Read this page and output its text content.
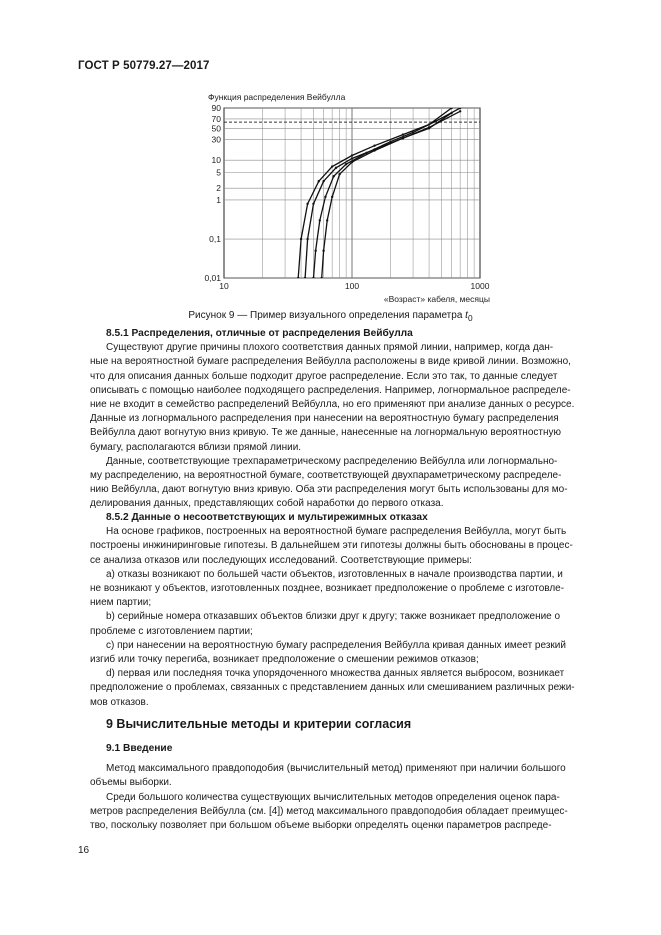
ГОСТ Р 50779.27—2017
Функция распределения Вейбулла
0,01
0,1
1
2
5
10
30
50
70
90
10	100	1000
«Возраст» кабеля, месяцы
Рисунок 9 — Пример визуального определения параметра $t_0$
8.5.1 Распределения, отличные от распределения Вейбулла
Существуют другие причины плохого соответствия данных прямой линии, например, когда дан-
ные на вероятностной бумаге распределения Вейбулла расположены в виде кривой линии. Возможно,
что для описания данных больше подходит другое распределение. Если это так, то данные следует
описывать с помощью наиболее подходящего распределения. Например, логнормальное распределе-
ние не входит в семейство распределений Вейбулла, но его применяют при анализе данных о ресурсе.
Данные из логнормального распределения при нанесении на вероятностную бумагу распределения
Вейбулла дают вогнутую вниз кривую. Те же данные, нанесенные на логнормальную вероятностную
бумагу, располагаются вблизи прямой линии.
Данные, соответствующие трехпараметрическому распределению Вейбулла или логнормально-
му распределению, на вероятностной бумаге, соответствующей двухпараметрическому распределе-
нию Вейбулла, дают вогнутую вниз кривую. Оба эти распределения могут быть использованы для мо-
делирования данных, представляющих собой наработки до первого отказа.
8.5.2 Данные о несоответствующих и мультирежимных отказах
На основе графиков, построенных на вероятностной бумаге распределения Вейбулла, могут быть
построены инжиниринговые гипотезы. В дальнейшем эти гипотезы должны быть обоснованы в процес-
се анализа отказов или последующих исследований. Соответствующие примеры:
a) отказы возникают по большей части объектов, изготовленных в начале производства партии, и
не возникают у объектов, изготовленных позднее, возникает предположение о проблеме с изготовле-
нием партии;
b) серийные номера отказавших объектов близки друг к другу; также возникает предположение о
проблеме с изготовлением партии;
c) при нанесении на вероятностную бумагу распределения Вейбулла кривая данных имеет резкий
изгиб или точку перегиба, возникает предположение о смешении режимов отказов;
d) первая или последняя точка упорядоченного множества данных является выбросом, возникает
предположение о проблемах, связанных с представлением данных или смешиванием различных режи-
мов отказов.
9 Вычислительные методы и критерии согласия
9.1 Введение
Метод максимального правдоподобия (вычислительный метод) применяют при наличии большого
объемы выборки.
Среди большого количества существующих вычислительных методов определения оценок пара-
метров распределения Вейбулла (см. [4]) метод максимального правдоподобия обладает преимущес-
тво, поскольку позволяет при большом объеме выборки определять оценки параметров распреде-
16
